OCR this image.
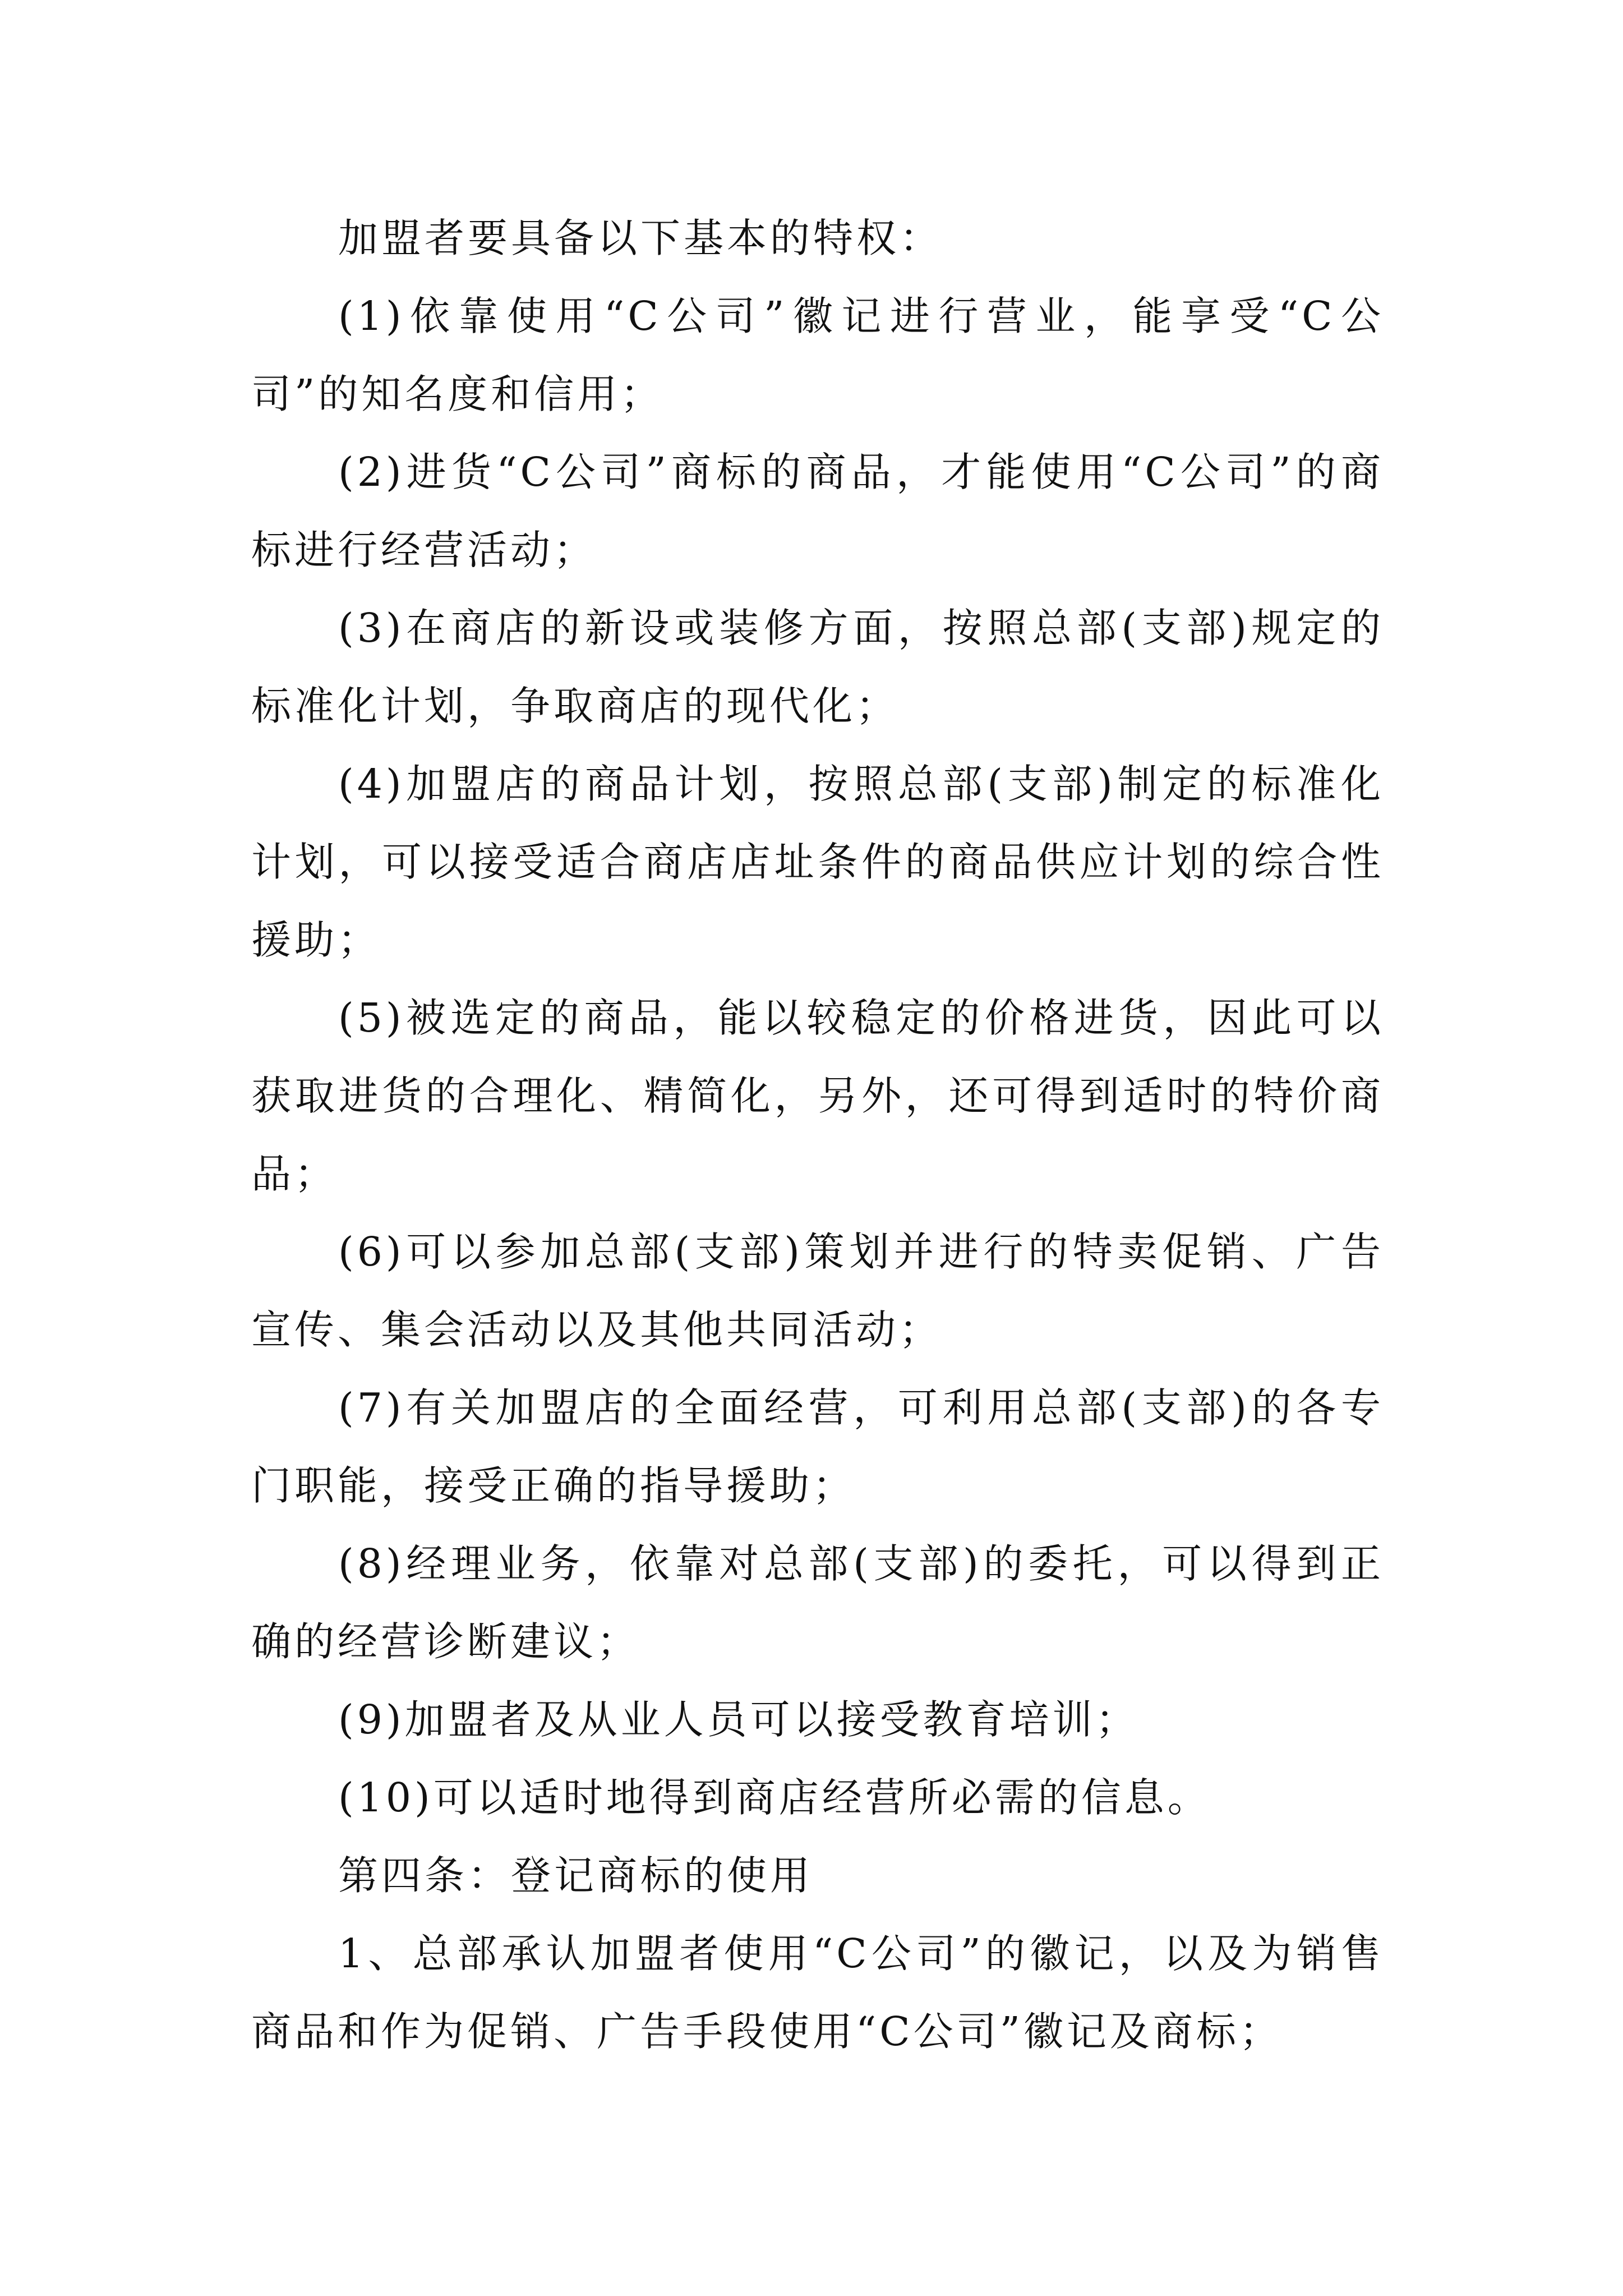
加盟者要具备以下基本的特权：

(1)依靠使用“C公司”徽记进行营业，能享受“C公司”的知名度和信用；

(2)进货“C公司”商标的商品，才能使用“C公司”的商标进行经营活动；

(3)在商店的新设或装修方面，按照总部(支部)规定的标准化计划，争取商店的现代化；

(4)加盟店的商品计划，按照总部(支部)制定的标准化计划，可以接受适合商店店址条件的商品供应计划的综合性援助；

(5)被选定的商品，能以较稳定的价格进货，因此可以获取进货的合理化、精简化，另外，还可得到适时的特价商品；

(6)可以参加总部(支部)策划并进行的特卖促销、广告宣传、集会活动以及其他共同活动；

(7)有关加盟店的全面经营，可利用总部(支部)的各专门职能，接受正确的指导援助；

(8)经理业务，依靠对总部(支部)的委托，可以得到正确的经营诊断建议；

(9)加盟者及从业人员可以接受教育培训；

(10)可以适时地得到商店经营所必需的信息。

第四条：登记商标的使用

1、总部承认加盟者使用“C公司”的徽记，以及为销售商品和作为促销、广告手段使用“C公司”徽记及商标；
